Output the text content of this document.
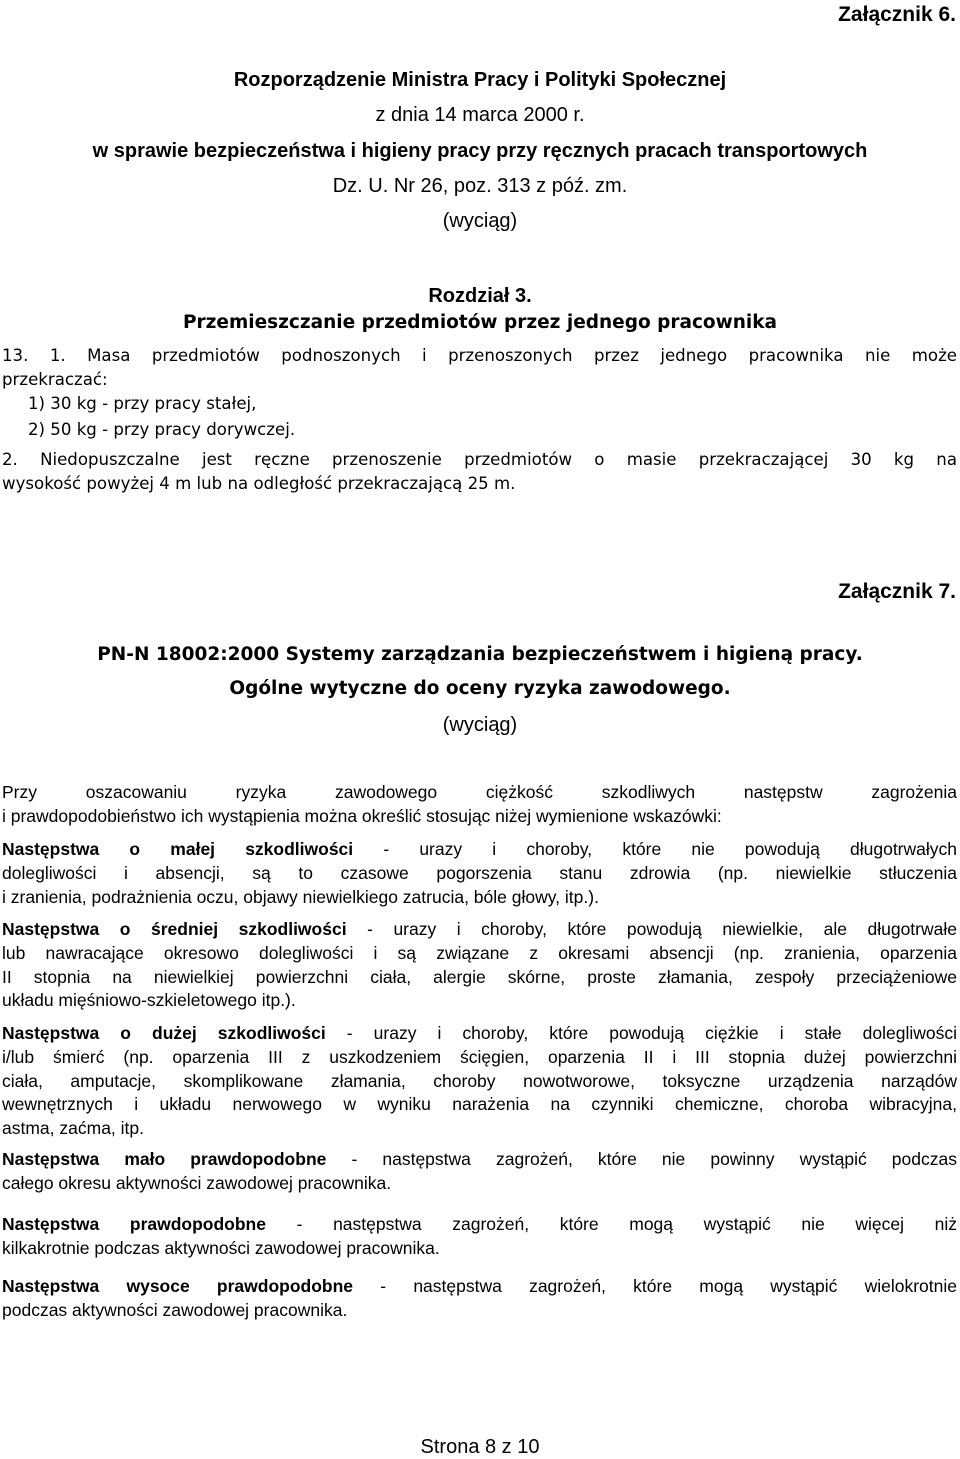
Załącznik 6.
Rozporządzenie Ministra Pracy i Polityki Społecznej
z dnia 14 marca 2000 r.
w sprawie bezpieczeństwa i higieny pracy przy ręcznych pracach transportowych
Dz. U. Nr 26, poz. 313 z póź. zm.
(wyciąg)
Rozdział 3.
Przemieszczanie przedmiotów przez jednego pracownika
13. 1. Masa przedmiotów podnoszonych i przenoszonych przez jednego pracownika nie może
przekraczać:
1) 30 kg - przy pracy stałej,
2) 50 kg - przy pracy dorywczej.
2. Niedopuszczalne jest ręczne przenoszenie przedmiotów o masie przekraczającej 30 kg na
wysokość powyżej 4 m lub na odległość przekraczającą 25 m.
Załącznik 7.
PN-N 18002:2000 Systemy zarządzania bezpieczeństwem i higieną pracy.
Ogólne wytyczne do oceny ryzyka zawodowego.
(wyciąg)
Przy oszacowaniu ryzyka zawodowego ciężkość szkodliwych następstw zagrożenia
i prawdopodobieństwo ich wystąpienia można określić stosując niżej wymienione wskazówki:
Następstwa o małej szkodliwości - urazy i choroby, które nie powodują długotrwałych
dolegliwości i absencji, są to czasowe pogorszenia stanu zdrowia (np. niewielkie stłuczenia
i zranienia, podrażnienia oczu, objawy niewielkiego zatrucia, bóle głowy, itp.).
Następstwa o średniej szkodliwości - urazy i choroby, które powodują niewielkie, ale długotrwałe
lub nawracające okresowo dolegliwości i są związane z okresami absencji (np. zranienia, oparzenia
II stopnia na niewielkiej powierzchni ciała, alergie skórne, proste złamania, zespoły przeciążeniowe
układu mięśniowo-szkieletowego itp.).
Następstwa o dużej szkodliwości - urazy i choroby, które powodują ciężkie i stałe dolegliwości
i/lub śmierć (np. oparzenia III z uszkodzeniem ścięgien, oparzenia II i III stopnia dużej powierzchni
ciała, amputacje, skomplikowane złamania, choroby nowotworowe, toksyczne urządzenia narządów
wewnętrznych i układu nerwowego w wyniku narażenia na czynniki chemiczne, choroba wibracyjna,
astma, zaćma, itp.
Następstwa mało prawdopodobne - następstwa zagrożeń, które nie powinny wystąpić podczas
całego okresu aktywności zawodowej pracownika.
Następstwa prawdopodobne - następstwa zagrożeń, które mogą wystąpić nie więcej niż
kilkakrotnie podczas aktywności zawodowej pracownika.
Następstwa wysoce prawdopodobne - następstwa zagrożeń, które mogą wystąpić wielokrotnie
podczas aktywności zawodowej pracownika.
Strona 8 z 10
